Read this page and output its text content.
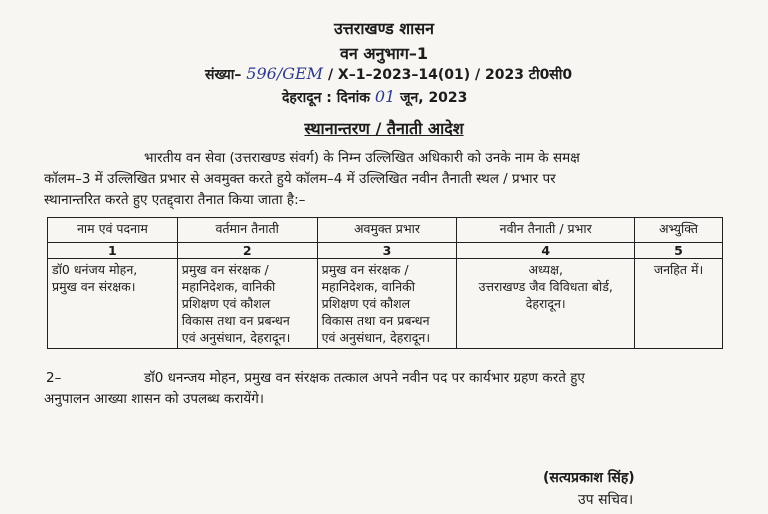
उत्तराखण्ड शासन
वन अनुभाग–1
संख्या– 596/GEM / X–1–2023–14(01) / 2023 टी0सी0
देहरादून : दिनांक 01 जून, 2023
स्थानान्तरण / तैनाती आदेश
भारतीय वन सेवा (उत्तराखण्ड संवर्ग) के निम्न उल्लिखित अधिकारी को उनके नाम के समक्ष
कॉलम–3 में उल्लिखित प्रभार से अवमुक्त करते हुये कॉलम–4 में उल्लिखित नवीन तैनाती स्थल / प्रभार पर
स्थानान्तरित करते हुए एतद्द्वारा तैनात किया जाता है:–
नाम एवं पदनाम	वर्तमान तैनाती	अवमुक्त प्रभार	नवीन तैनाती / प्रभार	अभ्युक्ति
1	2	3	4	5

डॉ0 धनंजय मोहन,
प्रमुख वन संरक्षक।	प्रमुख वन संरक्षक /
महानिदेशक, वानिकी
प्रशिक्षण एवं कौशल
विकास तथा वन प्रबन्धन
एवं अनुसंधान, देहरादून।	प्रमुख वन संरक्षक /
महानिदेशक, वानिकी
प्रशिक्षण एवं कौशल
विकास तथा वन प्रबन्धन
एवं अनुसंधान, देहरादून।	अध्यक्ष,
उत्तराखण्ड जैव विविधता बोर्ड,
देहरादून।	जनहित में।
2–	डॉ0 धनन्जय मोहन, प्रमुख वन संरक्षक तत्काल अपने नवीन पद पर कार्यभार ग्रहण करते हुए
अनुपालन आख्या शासन को उपलब्ध करायेंगे।
(सत्यप्रकाश सिंह)
उप सचिव।
